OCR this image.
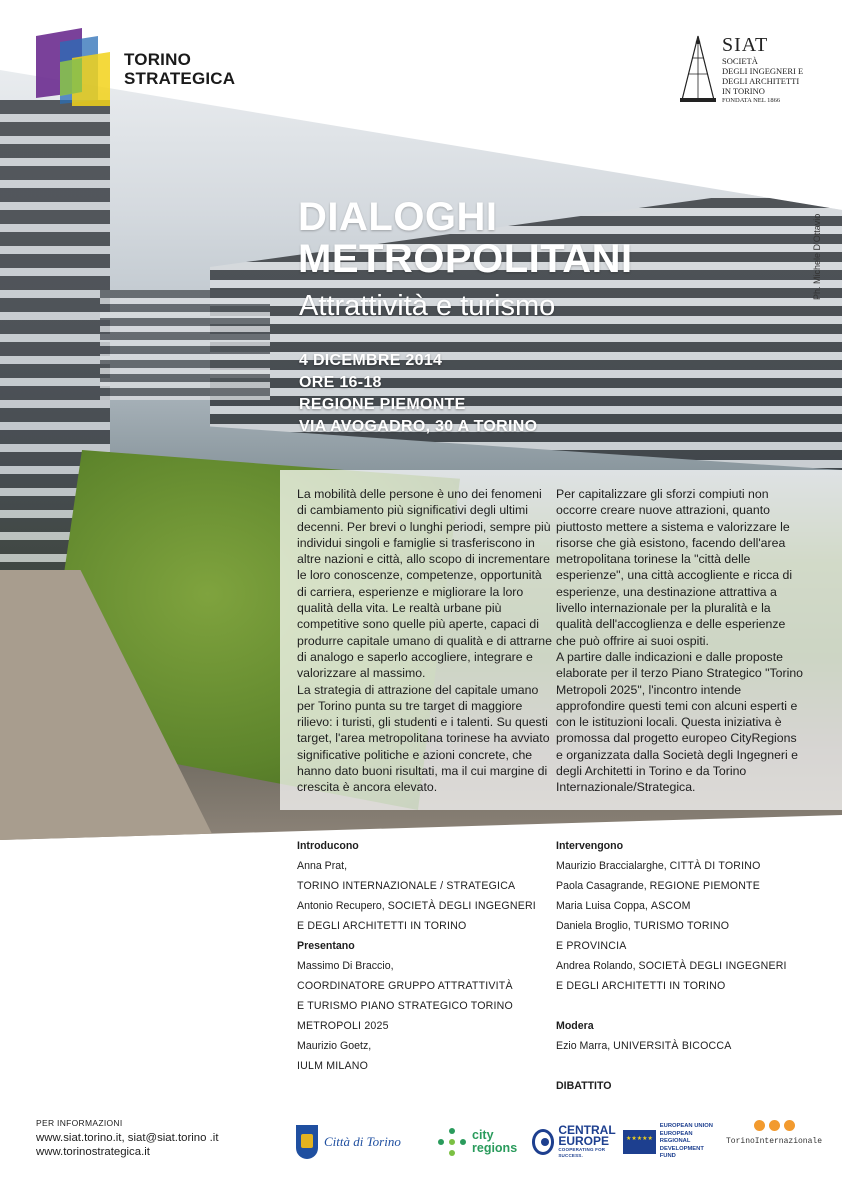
TORINO
STRATEGICA
SIAT
SOCIETÀ
DEGLI INGEGNERI E
DEGLI ARCHITETTI
IN TORINO
FONDATA NEL 1866
Ph. Michele D'Ottavio
DIALOGHI
METROPOLITANI
Attrattività e turismo
4 DICEMBRE 2014
ORE 16-18
REGIONE PIEMONTE
VIA AVOGADRO, 30 A TORINO

La mobilità delle persone è uno dei fenomeni di cambiamento più significativi degli ultimi decenni. Per brevi o lunghi periodi, sempre più individui singoli e famiglie si trasferiscono in altre nazioni e città, allo scopo di incrementare le loro conoscenze, competenze, opportunità di carriera, esperienze e migliorare la loro qualità della vita. Le realtà urbane più competitive sono quelle più aperte, capaci di produrre capitale umano di qualità e di attrarne di analogo e saperlo accogliere, integrare e valorizzare al massimo.

La strategia di attrazione del capitale umano per Torino punta su tre target di maggiore rilievo: i turisti, gli studenti e i talenti. Su questi target, l'area metropolitana torinese ha avviato significative politiche e azioni concrete, che hanno dato buoni risultati, ma il cui margine di crescita è ancora elevato.

Per capitalizzare gli sforzi compiuti non occorre creare nuove attrazioni, quanto piuttosto mettere a sistema e valorizzare le risorse che già esistono, facendo dell'area metropolitana torinese la "città delle esperienze", una città accogliente e ricca di esperienze, una destinazione attrattiva a livello internazionale per la pluralità e la qualità dell'accoglienza e delle esperienze che può offrire ai suoi ospiti.

A partire dalle indicazioni e dalle proposte elaborate per il terzo Piano Strategico "Torino Metropoli 2025", l'incontro intende approfondire questi temi con alcuni esperti e con le istituzioni locali. Questa iniziativa è promossa dal progetto europeo CityRegions e organizzata dalla Società degli Ingegneri e degli Architetti in Torino e da Torino Internazionale/Strategica.

Introducono
Anna Prat,
TORINO INTERNAZIONALE / STRATEGICA
Antonio Recupero, SOCIETÀ DEGLI INGEGNERI
E DEGLI ARCHITETTI IN TORINO
Presentano
Massimo Di Braccio,
COORDINATORE GRUPPO ATTRATTIVITÀ
E TURISMO PIANO STRATEGICO TORINO
METROPOLI 2025
Maurizio Goetz,
IULM MILANO
Intervengono
Maurizio Braccialarghe, CITTÀ DI TORINO
Paola Casagrande, REGIONE PIEMONTE
Maria Luisa Coppa, ASCOM
Daniela Broglio, TURISMO TORINO
E PROVINCIA
Andrea Rolando, SOCIETÀ DEGLI INGEGNERI
E DEGLI ARCHITETTI IN TORINO
Modera
Ezio Marra, UNIVERSITÀ BICOCCA
DIBATTITO
PER INFORMAZIONI
www.siat.torino.it, siat@siat.torino .it
www.torinostrategica.it
Città di Torino	city
regions
CENTRAL
EUROPE
COOPERATING FOR SUCCESS.
★★★★★
EUROPEAN UNION
EUROPEAN REGIONAL
DEVELOPMENT FUND
TorinoInternazionale
